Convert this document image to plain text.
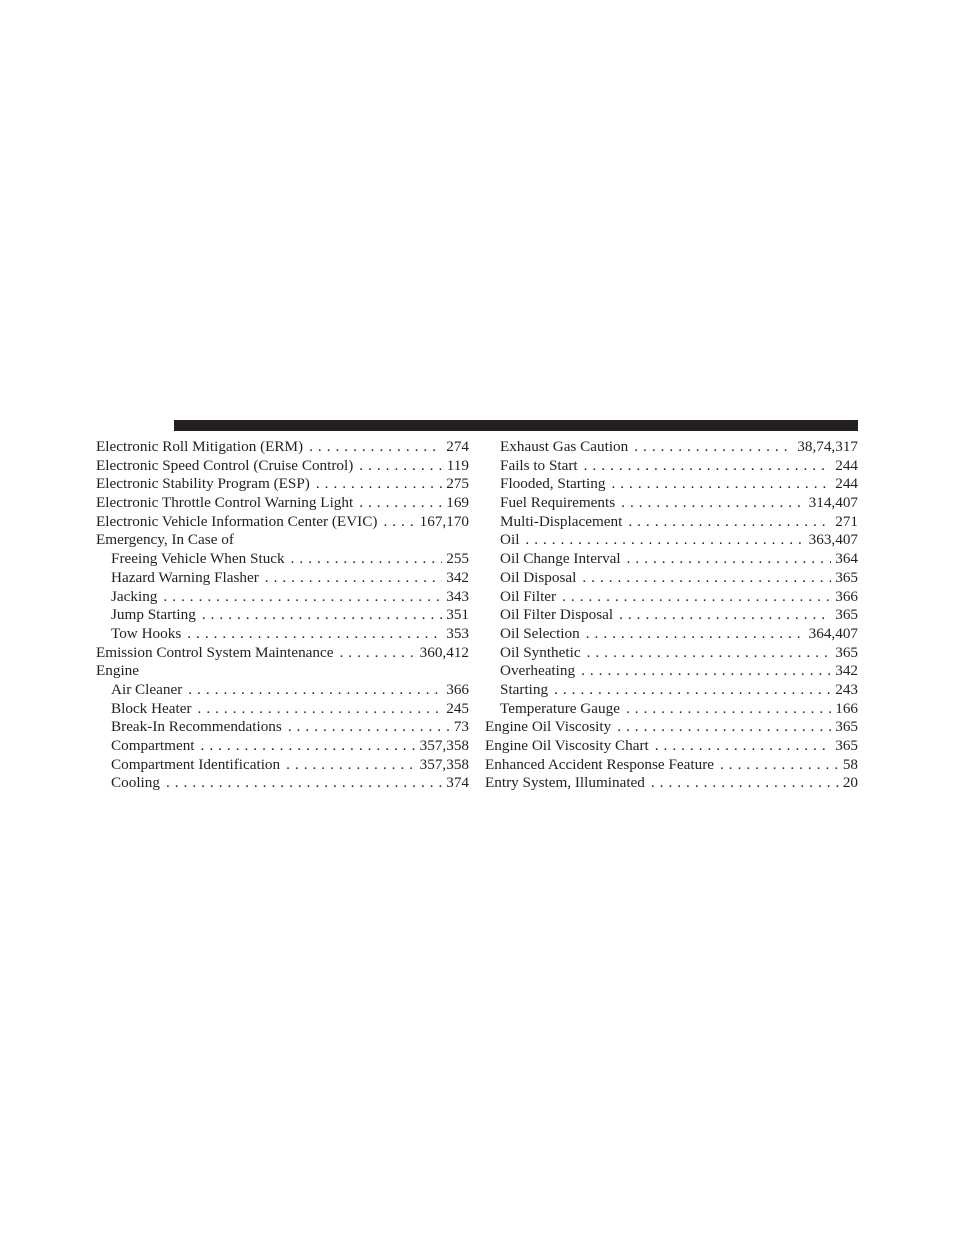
Electronic Roll Mitigation (ERM) . . .	274
Electronic Speed Control (Cruise Control) . . .	119
Electronic Stability Program (ESP) . . .	275
Electronic Throttle Control Warning Light . . .	169
Electronic Vehicle Information Center (EVIC) . . .	167,170
Emergency, In Case of
Freeing Vehicle When Stuck . . .	255
Hazard Warning Flasher . . .	342
Jacking . . .	343
Jump Starting . . .	351
Tow Hooks . . .	353
Emission Control System Maintenance . . .	360,412
Engine
Air Cleaner . . .	366
Block Heater . . .	245
Break-In Recommendations . . .	73
Compartment . . .	357,358
Compartment Identification . . .	357,358
Cooling . . .	374
Exhaust Gas Caution . . .	38,74,317
Fails to Start . . .	244
Flooded, Starting . . .	244
Fuel Requirements . . .	314,407
Multi-Displacement . . .	271
Oil . . .	363,407
Oil Change Interval . . .	364
Oil Disposal . . .	365
Oil Filter . . .	366
Oil Filter Disposal . . .	365
Oil Selection . . .	364,407
Oil Synthetic . . .	365
Overheating . . .	342
Starting . . .	243
Temperature Gauge . . .	166
Engine Oil Viscosity . . .	365
Engine Oil Viscosity Chart . . .	365
Enhanced Accident Response Feature . . .	58
Entry System, Illuminated . . .	20
